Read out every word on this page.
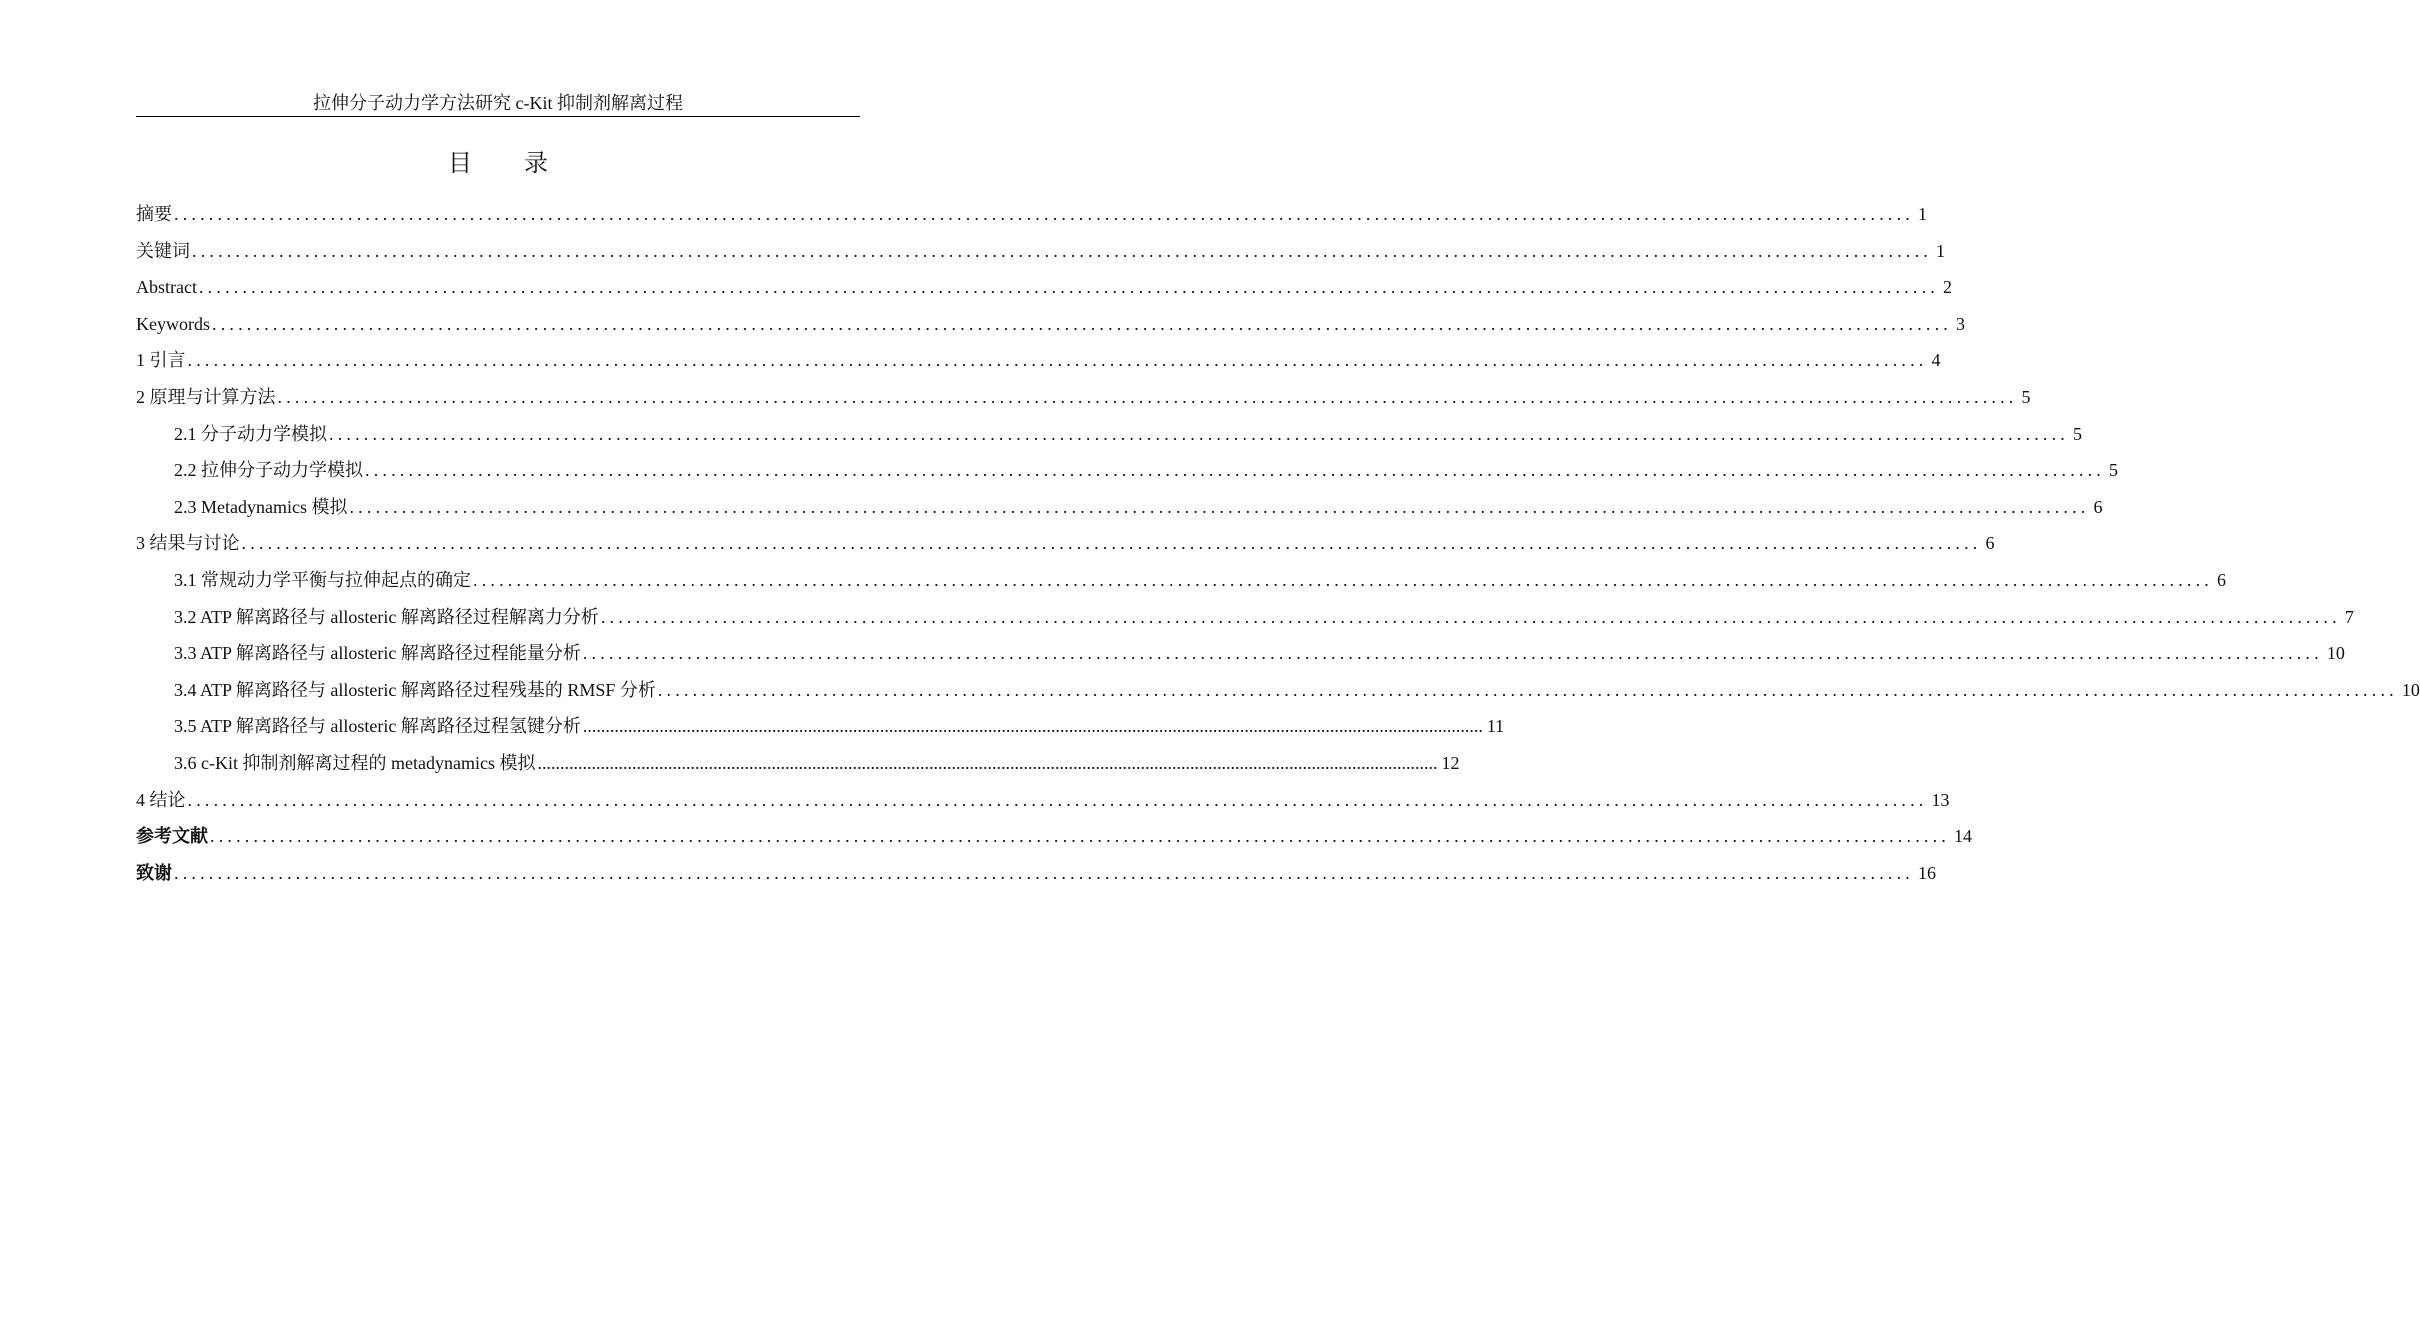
拉伸分子动力学方法研究 c-Kit 抑制剂解离过程
目 录
摘要 ........................................................................................................................................................................................................ 1
关键词 ........................................................................................................................................................................................................ 1
Abstract ........................................................................................................................................................................................................ 2
Keywords ........................................................................................................................................................................................................ 3
1 引言 ........................................................................................................................................................................................................ 4
2 原理与计算方法 ........................................................................................................................................................................................................ 5
2.1 分子动力学模拟 ........................................................................................................................................................................................................ 5
2.2 拉伸分子动力学模拟 ........................................................................................................................................................................................................ 5
2.3 Metadynamics 模拟 ........................................................................................................................................................................................................ 6
3 结果与讨论 ........................................................................................................................................................................................................ 6
3.1 常规动力学平衡与拉伸起点的确定 ........................................................................................................................................................................................................ 6
3.2 ATP 解离路径与 allosteric 解离路径过程解离力分析 ........................................................................................................................................................................................................ 7
3.3 ATP 解离路径与 allosteric 解离路径过程能量分析 ........................................................................................................................................................................................................ 10
3.4 ATP 解离路径与 allosteric 解离路径过程残基的 RMSF 分析 ........................................................................................................................................................................................................ 10
3.5 ATP 解离路径与 allosteric 解离路径过程氢键分析 ........................................................................................................................................................................................................ 11
3.6 c-Kit 抑制剂解离过程的 metadynamics 模拟 ........................................................................................................................................................................................................ 12
4 结论 ........................................................................................................................................................................................................ 13
参考文献 ........................................................................................................................................................................................................ 14
致谢 ........................................................................................................................................................................................................ 16
